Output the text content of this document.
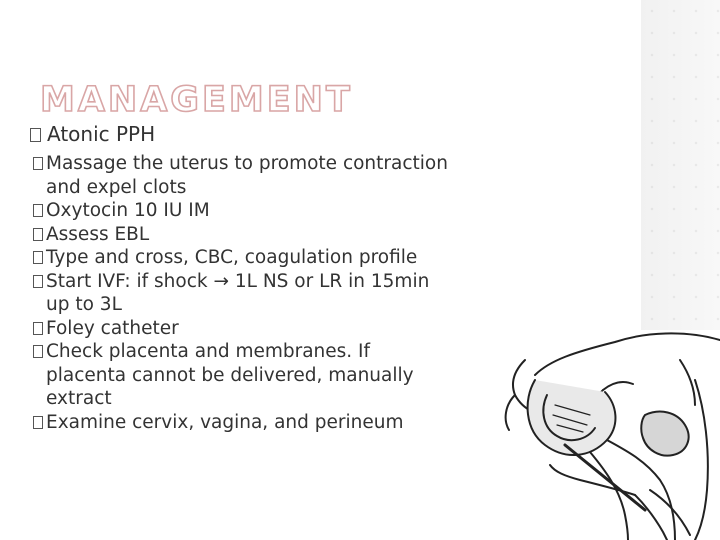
MANAGEMENT
Atonic PPH
Massage the uterus to promote contraction
and expel clots
Oxytocin 10 IU IM
Assess EBL
Type and cross, CBC, coagulation profile
Start IVF: if shock → 1L NS or LR in 15min
up to 3L
Foley catheter
Check placenta and membranes. If
placenta cannot be delivered, manually
extract
Examine cervix, vagina, and perineum
